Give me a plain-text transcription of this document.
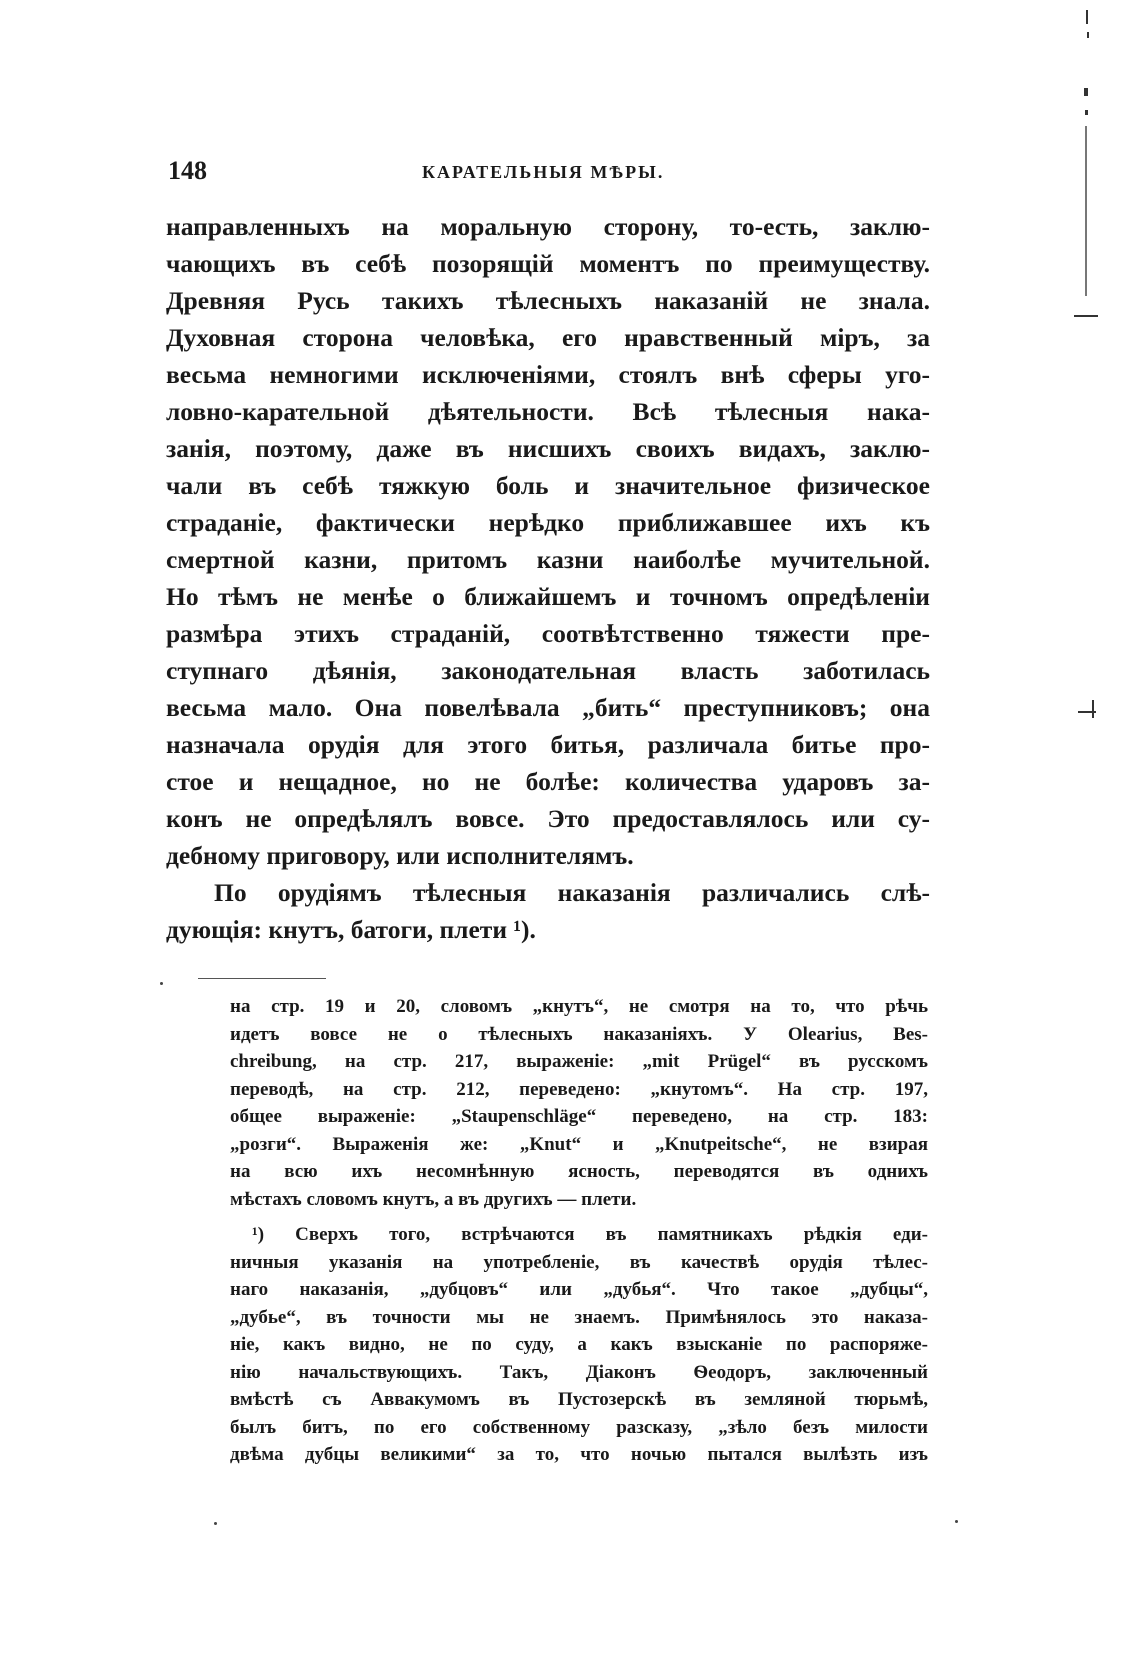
148	КАРАТЕЛЬНЫЯ МѢРЫ.
направленныхъ на моральную сторону, то-есть, заклю-
чающихъ въ себѣ позорящій моментъ по преимуществу.
Древняя Русь такихъ тѣлесныхъ наказаній не знала.
Духовная сторона человѣка, его нравственный міръ, за
весьма немногими исключеніями, стоялъ внѣ сферы уго-
ловно-карательной дѣятельности. Всѣ тѣлесныя нака-
занія, поэтому, даже въ нисшихъ своихъ видахъ, заклю-
чали въ себѣ тяжкую боль и значительное физическое
страданіе, фактически нерѣдко приближавшее ихъ къ
смертной казни, притомъ казни наиболѣе мучительной.
Но тѣмъ не менѣе о ближайшемъ и точномъ опредѣленіи
размѣра этихъ страданій, соотвѣтственно тяжести пре-
ступнаго дѣянія, законодательная власть заботилась
весьма мало. Она повелѣвала „бить“ преступниковъ; она
назначала орудія для этого битья, различала битье про-
стое и нещадное, но не болѣе: количества ударовъ за-
конъ не опредѣлялъ вовсе. Это предоставлялось или су-
дебному приговору, или исполнителямъ.
По орудіямъ тѣлесныя наказанія различались слѣ-
дующія: кнутъ, батоги, плети ¹).
на стр. 19 и 20, словомъ „кнутъ“, не смотря на то, что рѣчь
идетъ вовсе не о тѣлесныхъ наказаніяхъ. У Olearius, Bes-
chreibung, на стр. 217, выраженіе: „mit Prügel“ въ русскомъ
переводѣ, на стр. 212, переведено: „кнутомъ“. На стр. 197,
общее выраженіе: „Staupenschläge“ переведено, на стр. 183:
„розги“. Выраженія же: „Knut“ и „Knutpeitsche“, не взирая
на всю ихъ несомнѣнную ясность, переводятся въ однихъ
мѣстахъ словомъ кнутъ, а въ другихъ — плети.
¹) Сверхъ того, встрѣчаются въ памятникахъ рѣдкія еди-
ничныя указанія на употребленіе, въ качествѣ орудія тѣлес-
наго наказанія, „дубцовъ“ или „дубья“. Что такое „дубцы“,
„дубье“, въ точности мы не знаемъ. Примѣнялось это наказа-
ніе, какъ видно, не по суду, а какъ взысканіе по распоряже-
нію начальствующихъ. Такъ, Діаконъ Ѳеодоръ, заключенный
вмѣстѣ съ Аввакумомъ въ Пустозерскѣ въ земляной тюрьмѣ,
былъ битъ, по его собственному разсказу, „зѣло безъ милости
двѣма дубцы великими“ за то, что ночью пытался вылѣзть изъ
